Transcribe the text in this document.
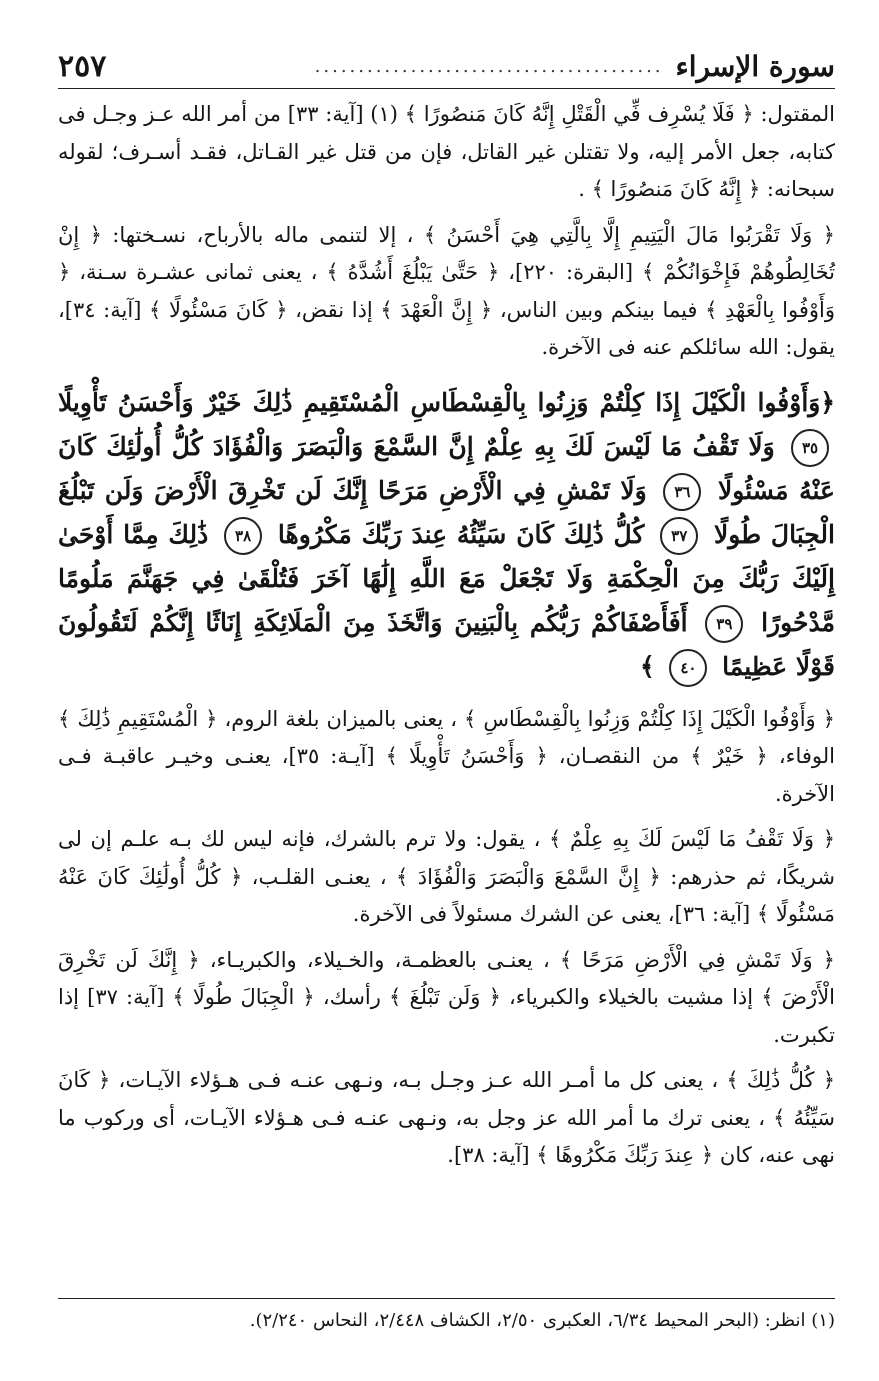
سورة الإسراء
........................................
٢٥٧

المقتول: ﴿ فَلَا يُسْرِف فِّي الْقَتْلِ إِنَّهُ كَانَ مَنصُورًا ﴾ (١) [آية: ٣٣] من أمر الله عـز وجـل فى كتابه، جعل الأمر إليه، ولا تقتلن غير القاتل، فإن من قتل غير القـاتل، فقـد أسـرف؛ لقوله سبحانه: ﴿ إِنَّهُ كَانَ مَنصُورًا ﴾ .

﴿ وَلَا تَقْرَبُوا مَالَ الْيَتِيمِ إِلَّا بِالَّتِي هِيَ أَحْسَنُ ﴾ ، إلا لتنمى ماله بالأرباح، نسـختها: ﴿ إِنْ تُخَالِطُوهُمْ فَإِخْوَانُكُمْ ﴾ [البقرة: ٢٢٠]، ﴿ حَتَّىٰ يَبْلُغَ أَشُدَّهُ ﴾ ، يعنى ثمانى عشـرة سـنة، ﴿ وَأَوْفُوا بِالْعَهْدِ ﴾ فيما بينكم وبين الناس، ﴿ إِنَّ الْعَهْدَ ﴾ إذا نقض، ﴿ كَانَ مَسْئُولًا ﴾ [آية: ٣٤]، يقول: الله سائلكم عنه فى الآخرة.

﴿وَأَوْفُوا الْكَيْلَ إِذَا كِلْتُمْ وَزِنُوا بِالْقِسْطَاسِ الْمُسْتَقِيمِ ذَٰلِكَ خَيْرٌ وَأَحْسَنُ تَأْوِيلًا ٣٥ وَلَا تَقْفُ مَا لَيْسَ لَكَ بِهِ عِلْمٌ إِنَّ السَّمْعَ وَالْبَصَرَ وَالْفُؤَادَ كُلُّ أُولَٰئِكَ كَانَ عَنْهُ مَسْئُولًا ٣٦ وَلَا تَمْشِ فِي الْأَرْضِ مَرَحًا إِنَّكَ لَن تَخْرِقَ الْأَرْضَ وَلَن تَبْلُغَ الْجِبَالَ طُولًا ٣٧ كُلُّ ذَٰلِكَ كَانَ سَيِّئُهُ عِندَ رَبِّكَ مَكْرُوهًا ٣٨ ذَٰلِكَ مِمَّا أَوْحَىٰ إِلَيْكَ رَبُّكَ مِنَ الْحِكْمَةِ وَلَا تَجْعَلْ مَعَ اللَّهِ إِلَٰهًا آخَرَ فَتُلْقَىٰ فِي جَهَنَّمَ مَلُومًا مَّدْحُورًا ٣٩ أَفَأَصْفَاكُمْ رَبُّكُم بِالْبَنِينَ وَاتَّخَذَ مِنَ الْمَلَائِكَةِ إِنَاثًا إِنَّكُمْ لَتَقُولُونَ قَوْلًا عَظِيمًا ٤٠ ﴾

﴿ وَأَوْفُوا الْكَيْلَ إِذَا كِلْتُمْ وَزِنُوا بِالْقِسْطَاسِ ﴾ ، يعنى بالميزان بلغة الروم، ﴿ الْمُسْتَقِيمِ ذَٰلِكَ ﴾ الوفاء، ﴿ خَيْرٌ ﴾ من النقصـان، ﴿ وَأَحْسَنُ تَأْوِيلًا ﴾ [آيـة: ٣٥]، يعنـى وخيـر عاقبـة فـى الآخرة.

﴿ وَلَا تَقْفُ مَا لَيْسَ لَكَ بِهِ عِلْمٌ ﴾ ، يقول: ولا ترم بالشرك، فإنه ليس لك بـه علـم إن لى شريكًا، ثم حذرهم: ﴿ إِنَّ السَّمْعَ وَالْبَصَرَ وَالْفُؤَادَ ﴾ ، يعنـى القلـب، ﴿ كُلُّ أُولَٰئِكَ كَانَ عَنْهُ مَسْئُولًا ﴾ [آية: ٣٦]، يعنى عن الشرك مسئولاً فى الآخرة.

﴿ وَلَا تَمْشِ فِي الْأَرْضِ مَرَحًا ﴾ ، يعنـى بالعظمـة، والخـيلاء، والكبريـاء، ﴿ إِنَّكَ لَن تَخْرِقَ الْأَرْضَ ﴾ إذا مشيت بالخيلاء والكبرياء، ﴿ وَلَن تَبْلُغَ ﴾ رأسك، ﴿ الْجِبَالَ طُولًا ﴾ [آية: ٣٧] إذا تكبرت.

﴿ كُلُّ ذَٰلِكَ ﴾ ، يعنى كل ما أمـر الله عـز وجـل بـه، ونـهى عنـه فـى هـؤلاء الآيـات، ﴿ كَانَ سَيِّئُهُ ﴾ ، يعنى ترك ما أمر الله عز وجل به، ونـهى عنـه فـى هـؤلاء الآيـات، أى وركوب ما نهى عنه، كان ﴿ عِندَ رَبِّكَ مَكْرُوهًا ﴾ [آية: ٣٨].

(١) انظر: (البحر المحيط ٦/٣٤، العكبرى ٢/٥٠، الكشاف ٢/٤٤٨، النحاس ٢/٢٤٠).
